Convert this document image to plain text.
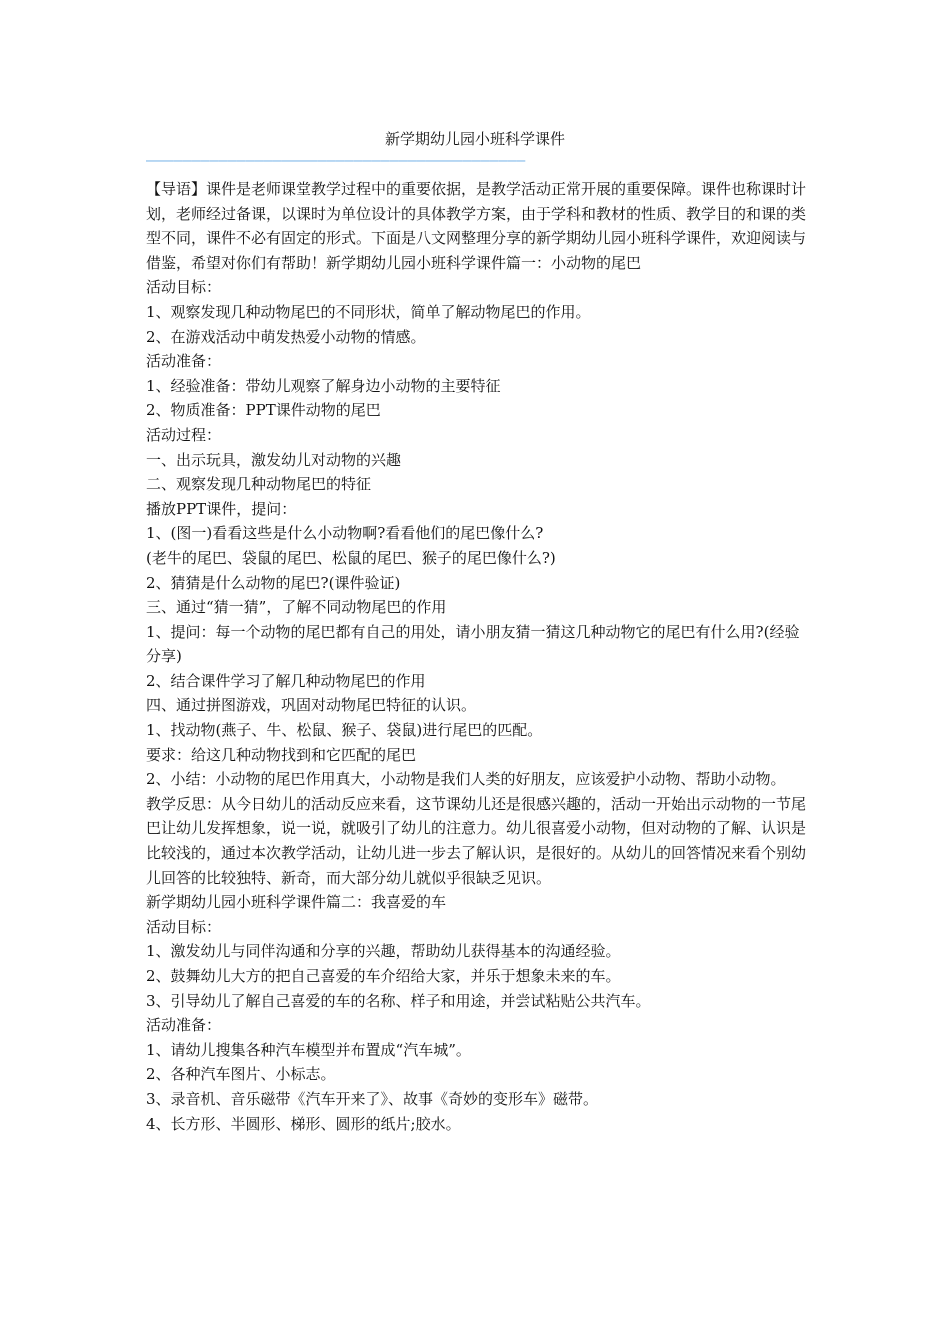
新学期幼儿园小班科学课件
——————————————————————————————————————————

【导语】课件是老师课堂教学过程中的重要依据，是教学活动正常开展的重要保障。课件也称课时计划，老师经过备课，以课时为单位设计的具体教学方案，由于学科和教材的性质、教学目的和课的类型不同，课件不必有固定的形式。下面是八文网整理分享的新学期幼儿园小班科学课件，欢迎阅读与借鉴，希望对你们有帮助！新学期幼儿园小班科学课件篇一：小动物的尾巴

活动目标：

1、观察发现几种动物尾巴的不同形状，简单了解动物尾巴的作用。

2、在游戏活动中萌发热爱小动物的情感。

活动准备：

1、经验准备：带幼儿观察了解身边小动物的主要特征

2、物质准备：PPT课件动物的尾巴

活动过程：

一、出示玩具，激发幼儿对动物的兴趣

二、观察发现几种动物尾巴的特征

播放PPT课件，提问：

1、(图一)看看这些是什么小动物啊?看看他们的尾巴像什么?

(老牛的尾巴、袋鼠的尾巴、松鼠的尾巴、猴子的尾巴像什么?)

2、猜猜是什么动物的尾巴?(课件验证)

三、通过“猜一猜”，了解不同动物尾巴的作用

1、提问：每一个动物的尾巴都有自己的用处，请小朋友猜一猜这几种动物它的尾巴有什么用?(经验分享)

2、结合课件学习了解几种动物尾巴的作用

四、通过拼图游戏，巩固对动物尾巴特征的认识。

1、找动物(燕子、牛、松鼠、猴子、袋鼠)进行尾巴的匹配。

要求：给这几种动物找到和它匹配的尾巴

2、小结：小动物的尾巴作用真大，小动物是我们人类的好朋友，应该爱护小动物、帮助小动物。

教学反思：从今日幼儿的活动反应来看，这节课幼儿还是很感兴趣的，活动一开始出示动物的一节尾巴让幼儿发挥想象，说一说，就吸引了幼儿的注意力。幼儿很喜爱小动物，但对动物的了解、认识是比较浅的，通过本次教学活动，让幼儿进一步去了解认识，是很好的。从幼儿的回答情况来看个别幼儿回答的比较独特、新奇，而大部分幼儿就似乎很缺乏见识。

新学期幼儿园小班科学课件篇二：我喜爱的车

活动目标：

1、激发幼儿与同伴沟通和分享的兴趣，帮助幼儿获得基本的沟通经验。

2、鼓舞幼儿大方的把自己喜爱的车介绍给大家，并乐于想象未来的车。

3、引导幼儿了解自己喜爱的车的名称、样子和用途，并尝试粘贴公共汽车。

活动准备：

1、请幼儿搜集各种汽车模型并布置成“汽车城”。

2、各种汽车图片、小标志。

3、录音机、音乐磁带《汽车开来了》、故事《奇妙的变形车》磁带。

4、长方形、半圆形、梯形、圆形的纸片;胶水。
